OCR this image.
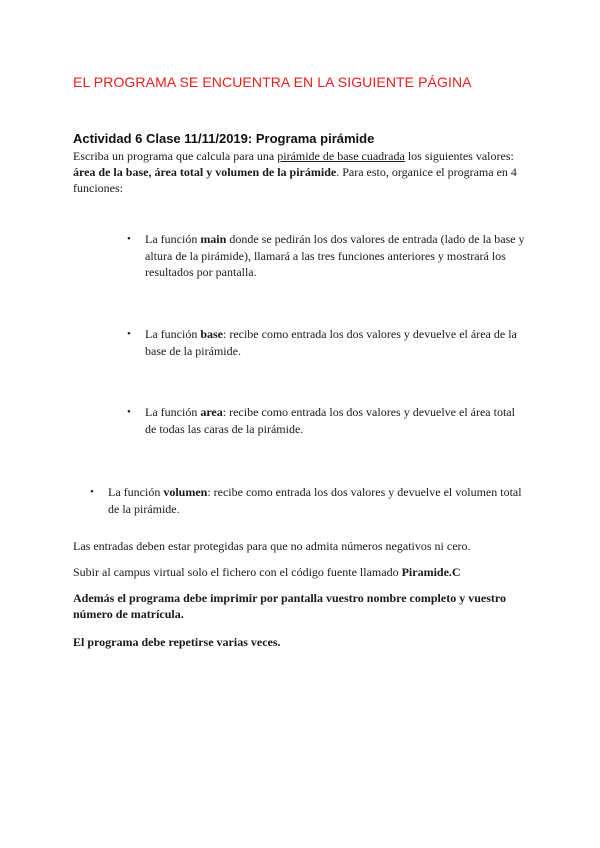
EL PROGRAMA SE ENCUENTRA EN LA SIGUIENTE PÁGINA
Actividad 6 Clase 11/11/2019: Programa pirámide
Escriba un programa que calcula para una pirámide de base cuadrada los siguientes valores: área de la base, área total y volumen de la pirámide. Para esto, organice el programa en 4 funciones:
• La función main donde se pedirán los dos valores de entrada (lado de la base y altura de la pirámide), llamará a las tres funciones anteriores y mostrará los resultados por pantalla.
• La función base: recibe como entrada los dos valores y devuelve el área de la base de la pirámide.
• La función area: recibe como entrada los dos valores y devuelve el área total de todas las caras de la pirámide.
• La función volumen: recibe como entrada los dos valores y devuelve el volumen total de la pirámide.
Las entradas deben estar protegidas para que no admita números negativos ni cero.
Subir al campus virtual solo el fichero con el código fuente llamado Piramide.C
Además el programa debe imprimir por pantalla vuestro nombre completo y vuestro número de matrícula.
El programa debe repetirse varias veces.
